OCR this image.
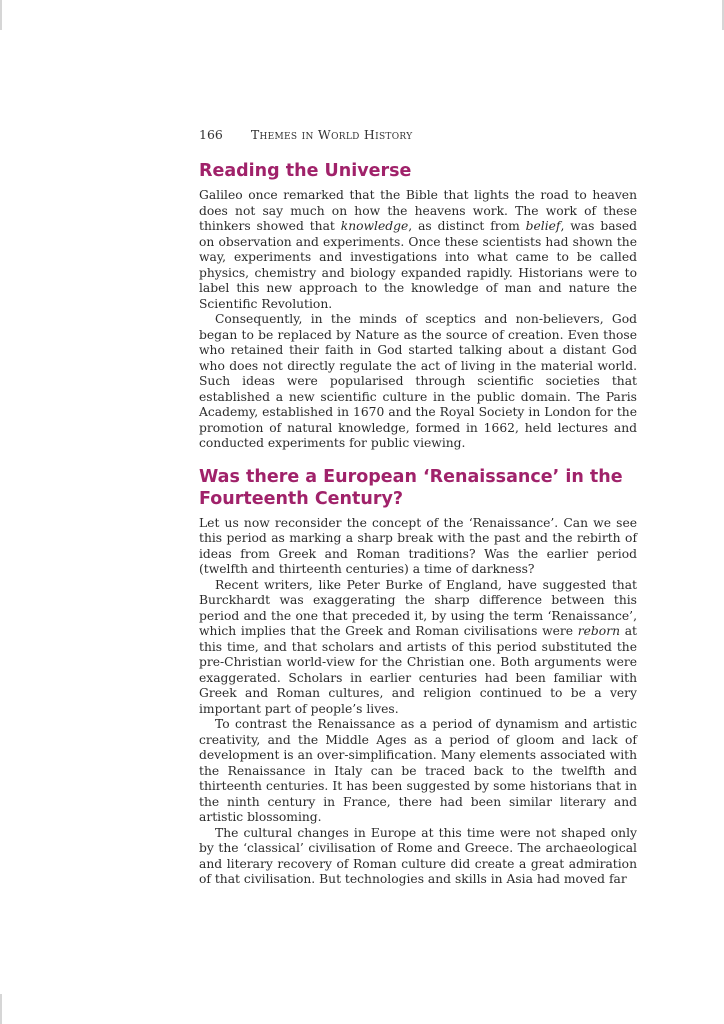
166 Themes in World History
Reading the Universe

Galileo once remarked that the Bible that lights the road to heaven does not say much on how the heavens work. The work of these thinkers showed that knowledge, as distinct from belief, was based on observation and experiments. Once these scientists had shown the way, experiments and investigations into what came to be called physics, chemistry and biology expanded rapidly. Historians were to label this new approach to the knowledge of man and nature the Scientific Revolution.

Consequently, in the minds of sceptics and non-believers, God began to be replaced by Nature as the source of creation. Even those who retained their faith in God started talking about a distant God who does not directly regulate the act of living in the material world. Such ideas were popularised through scientific societies that established a new scientific culture in the public domain. The Paris Academy, established in 1670 and the Royal Society in London for the promotion of natural knowledge, formed in 1662, held lectures and conducted experiments for public viewing.

Was there a European ‘Renaissance’ in the
Fourteenth Century?

Let us now reconsider the concept of the ‘Renaissance’. Can we see this period as marking a sharp break with the past and the rebirth of ideas from Greek and Roman traditions? Was the earlier period (twelfth and thirteenth centuries) a time of darkness?

Recent writers, like Peter Burke of England, have suggested that Burckhardt was exaggerating the sharp difference between this period and the one that preceded it, by using the term ‘Renaissance’, which implies that the Greek and Roman civilisations were reborn at this time, and that scholars and artists of this period substituted the pre-Christian world-view for the Christian one. Both arguments were exaggerated. Scholars in earlier centuries had been familiar with Greek and Roman cultures, and religion continued to be a very important part of people’s lives.

To contrast the Renaissance as a period of dynamism and artistic creativity, and the Middle Ages as a period of gloom and lack of development is an over-simplification. Many elements associated with the Renaissance in Italy can be traced back to the twelfth and thirteenth centuries. It has been suggested by some historians that in the ninth century in France, there had been similar literary and artistic blossoming.

The cultural changes in Europe at this time were not shaped only by the ‘classical’ civilisation of Rome and Greece. The archaeological and literary recovery of Roman culture did create a great admiration of that civilisation. But technologies and skills in Asia had moved far
